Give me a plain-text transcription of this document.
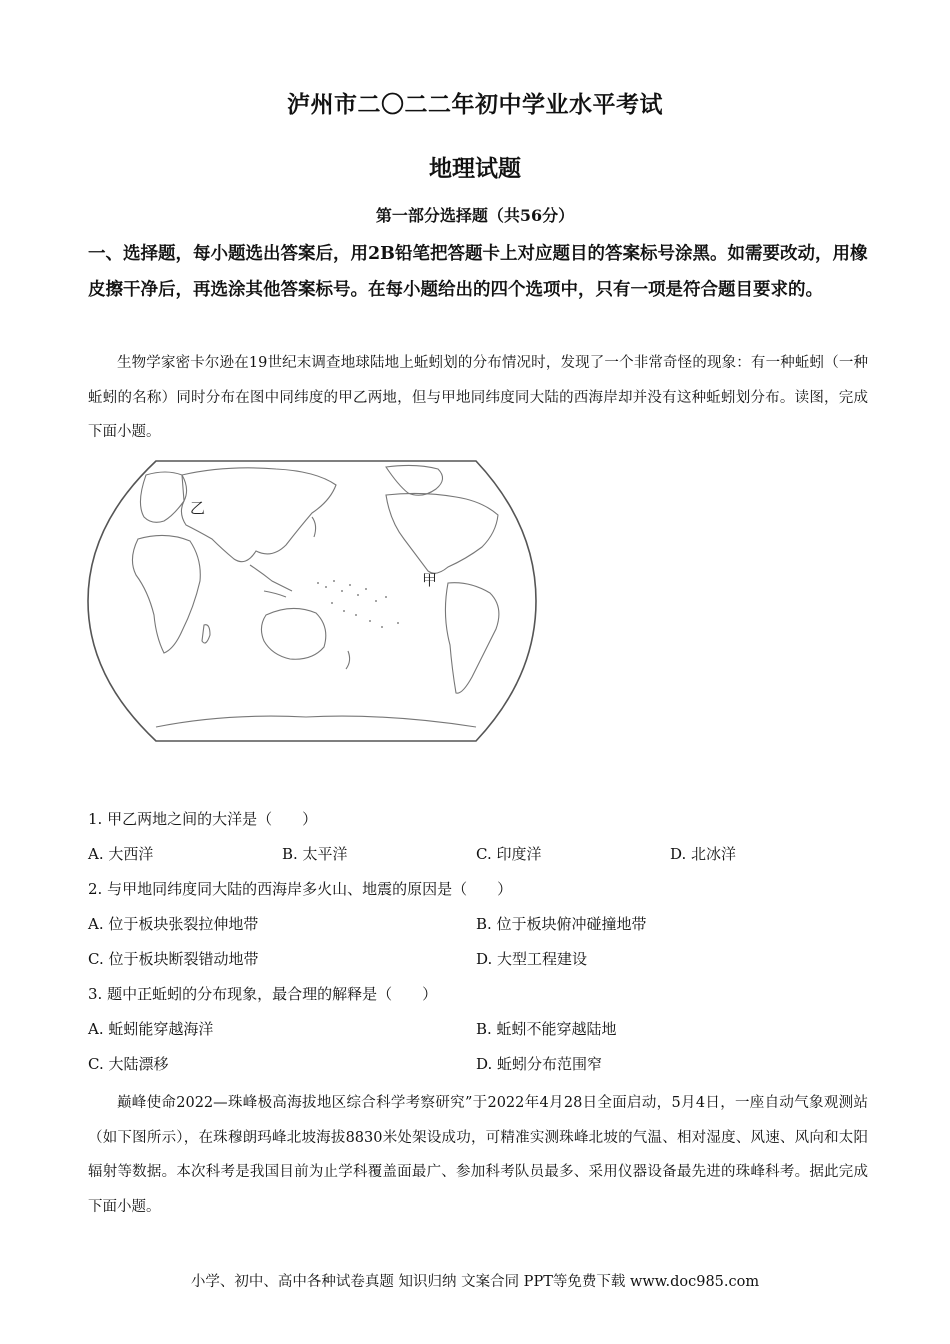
泸州市二〇二二年初中学业水平考试
地理试题
第一部分选择题（共56分）
一、选择题，每小题选出答案后，用2B铅笔把答题卡上对应题目的答案标号涂黑。如需要改动，用橡皮擦干净后，再选涂其他答案标号。在每小题给出的四个选项中，只有一项是符合题目要求的。
生物学家密卡尔逊在19世纪末调查地球陆地上蚯蚓划的分布情况时，发现了一个非常奇怪的现象：有一种蚯蚓（一种蚯蚓的名称）同时分布在图中同纬度的甲乙两地，但与甲地同纬度同大陆的西海岸却并没有这种蚯蚓划分布。读图，完成下面小题。
乙
甲
1. 甲乙两地之间的大洋是（　　）
A. 大西洋	B. 太平洋	C. 印度洋	D. 北冰洋
2. 与甲地同纬度同大陆的西海岸多火山、地震的原因是（　　）
A. 位于板块张裂拉伸地带	B. 位于板块俯冲碰撞地带
C. 位于板块断裂错动地带	D. 大型工程建设
3. 题中正蚯蚓的分布现象，最合理的解释是（　　）
A. 蚯蚓能穿越海洋	B. 蚯蚓不能穿越陆地
C. 大陆漂移	D. 蚯蚓分布范围窄
巅峰使命2022—珠峰极高海拔地区综合科学考察研究”于2022年4月28日全面启动，5月4日，一座自动气象观测站（如下图所示），在珠穆朗玛峰北坡海拔8830米处架设成功，可精准实测珠峰北坡的气温、相对湿度、风速、风向和太阳辐射等数据。本次科考是我国目前为止学科覆盖面最广、参加科考队员最多、采用仪器设备最先进的珠峰科考。据此完成下面小题。
小学、初中、高中各种试卷真题 知识归纳 文案合同 PPT等免费下载 www.doc985.com
